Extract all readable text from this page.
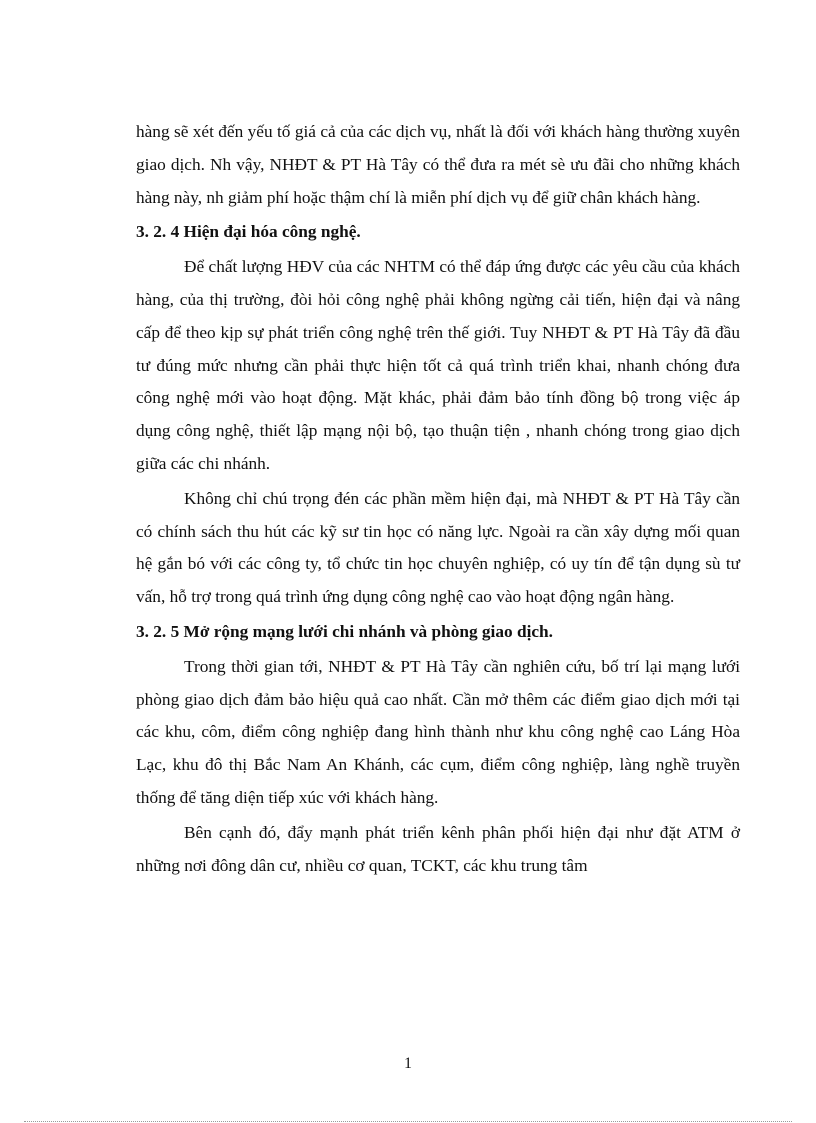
hàng sẽ xét đến yếu tố giá cả của các dịch vụ, nhất là đối với khách hàng thường xuyên giao dịch. Nh vậy, NHĐT & PT Hà Tây có thể đưa ra mét sè ưu đãi cho những khách hàng này, nh giảm phí hoặc thậm chí là miễn phí dịch vụ để giữ chân khách hàng.

3. 2. 4 Hiện đại hóa công nghệ.

Để chất lượng HĐV của các NHTM có thể đáp ứng được các yêu cầu của khách hàng, của thị trường, đòi hỏi công nghệ phải không ngừng cải tiến, hiện đại và nâng cấp để theo kịp sự phát triển công nghệ trên thế giới. Tuy NHĐT & PT Hà Tây đã đầu tư đúng mức nhưng cần phải thực hiện tốt cả quá trình triển khai, nhanh chóng đưa công nghệ mới vào hoạt động. Mặt khác, phải đảm bảo tính đồng bộ trong việc áp dụng công nghệ, thiết lập mạng nội bộ, tạo thuận tiện , nhanh chóng trong giao dịch giữa các chi nhánh.

Không chỉ chú trọng đén các phần mềm hiện đại, mà NHĐT & PT Hà Tây cần có chính sách thu hút các kỹ sư tin học có năng lực. Ngoài ra cần xây dựng mối quan hệ gắn bó với các công ty, tổ chức tin học chuyên nghiệp, có uy tín để tận dụng sù tư vấn, hỗ trợ trong quá trình ứng dụng công nghệ cao vào hoạt động ngân hàng.

3. 2. 5 Mở rộng mạng lưới chi nhánh và phòng giao dịch.

Trong thời gian tới, NHĐT & PT Hà Tây cần nghiên cứu, bố trí lại mạng lưới phòng giao dịch đảm bảo hiệu quả cao nhất. Cần mở thêm các điểm giao dịch mới tại các khu, côm, điểm công nghiệp đang hình thành như khu công nghệ cao Láng Hòa Lạc, khu đô thị Bắc Nam An Khánh, các cụm, điểm công nghiệp, làng nghề truyền thống để tăng diện tiếp xúc với khách hàng.

Bên cạnh đó, đẩy mạnh phát triển kênh phân phối hiện đại như đặt ATM ở những nơi đông dân cư, nhiều cơ quan, TCKT, các khu trung tâm

1
